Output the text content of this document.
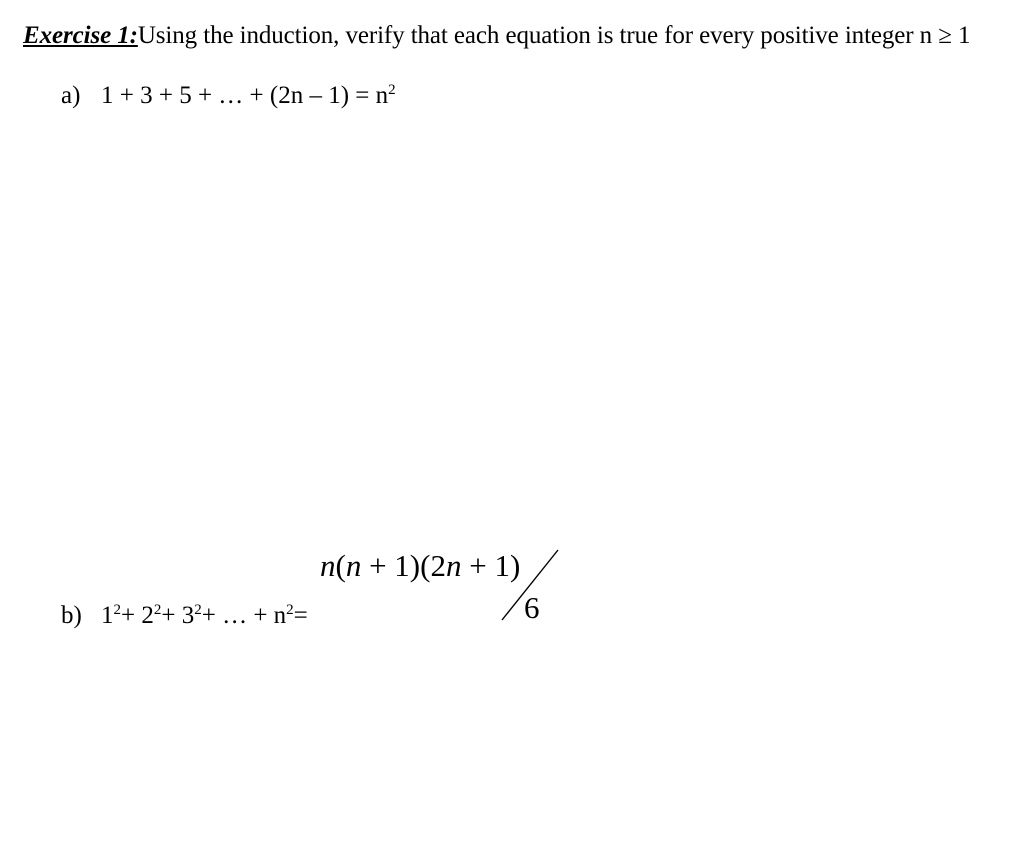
Exercise 1:Using the induction, verify that each equation is true for every positive integer n ≥ 1
a) 1 + 3 + 5 + … + $(2n - 1) = n^2$
b) $1^2+ 2^2+ 3^2+$ … + $n^2=$
n(n + 1)(2n + 1)
6
